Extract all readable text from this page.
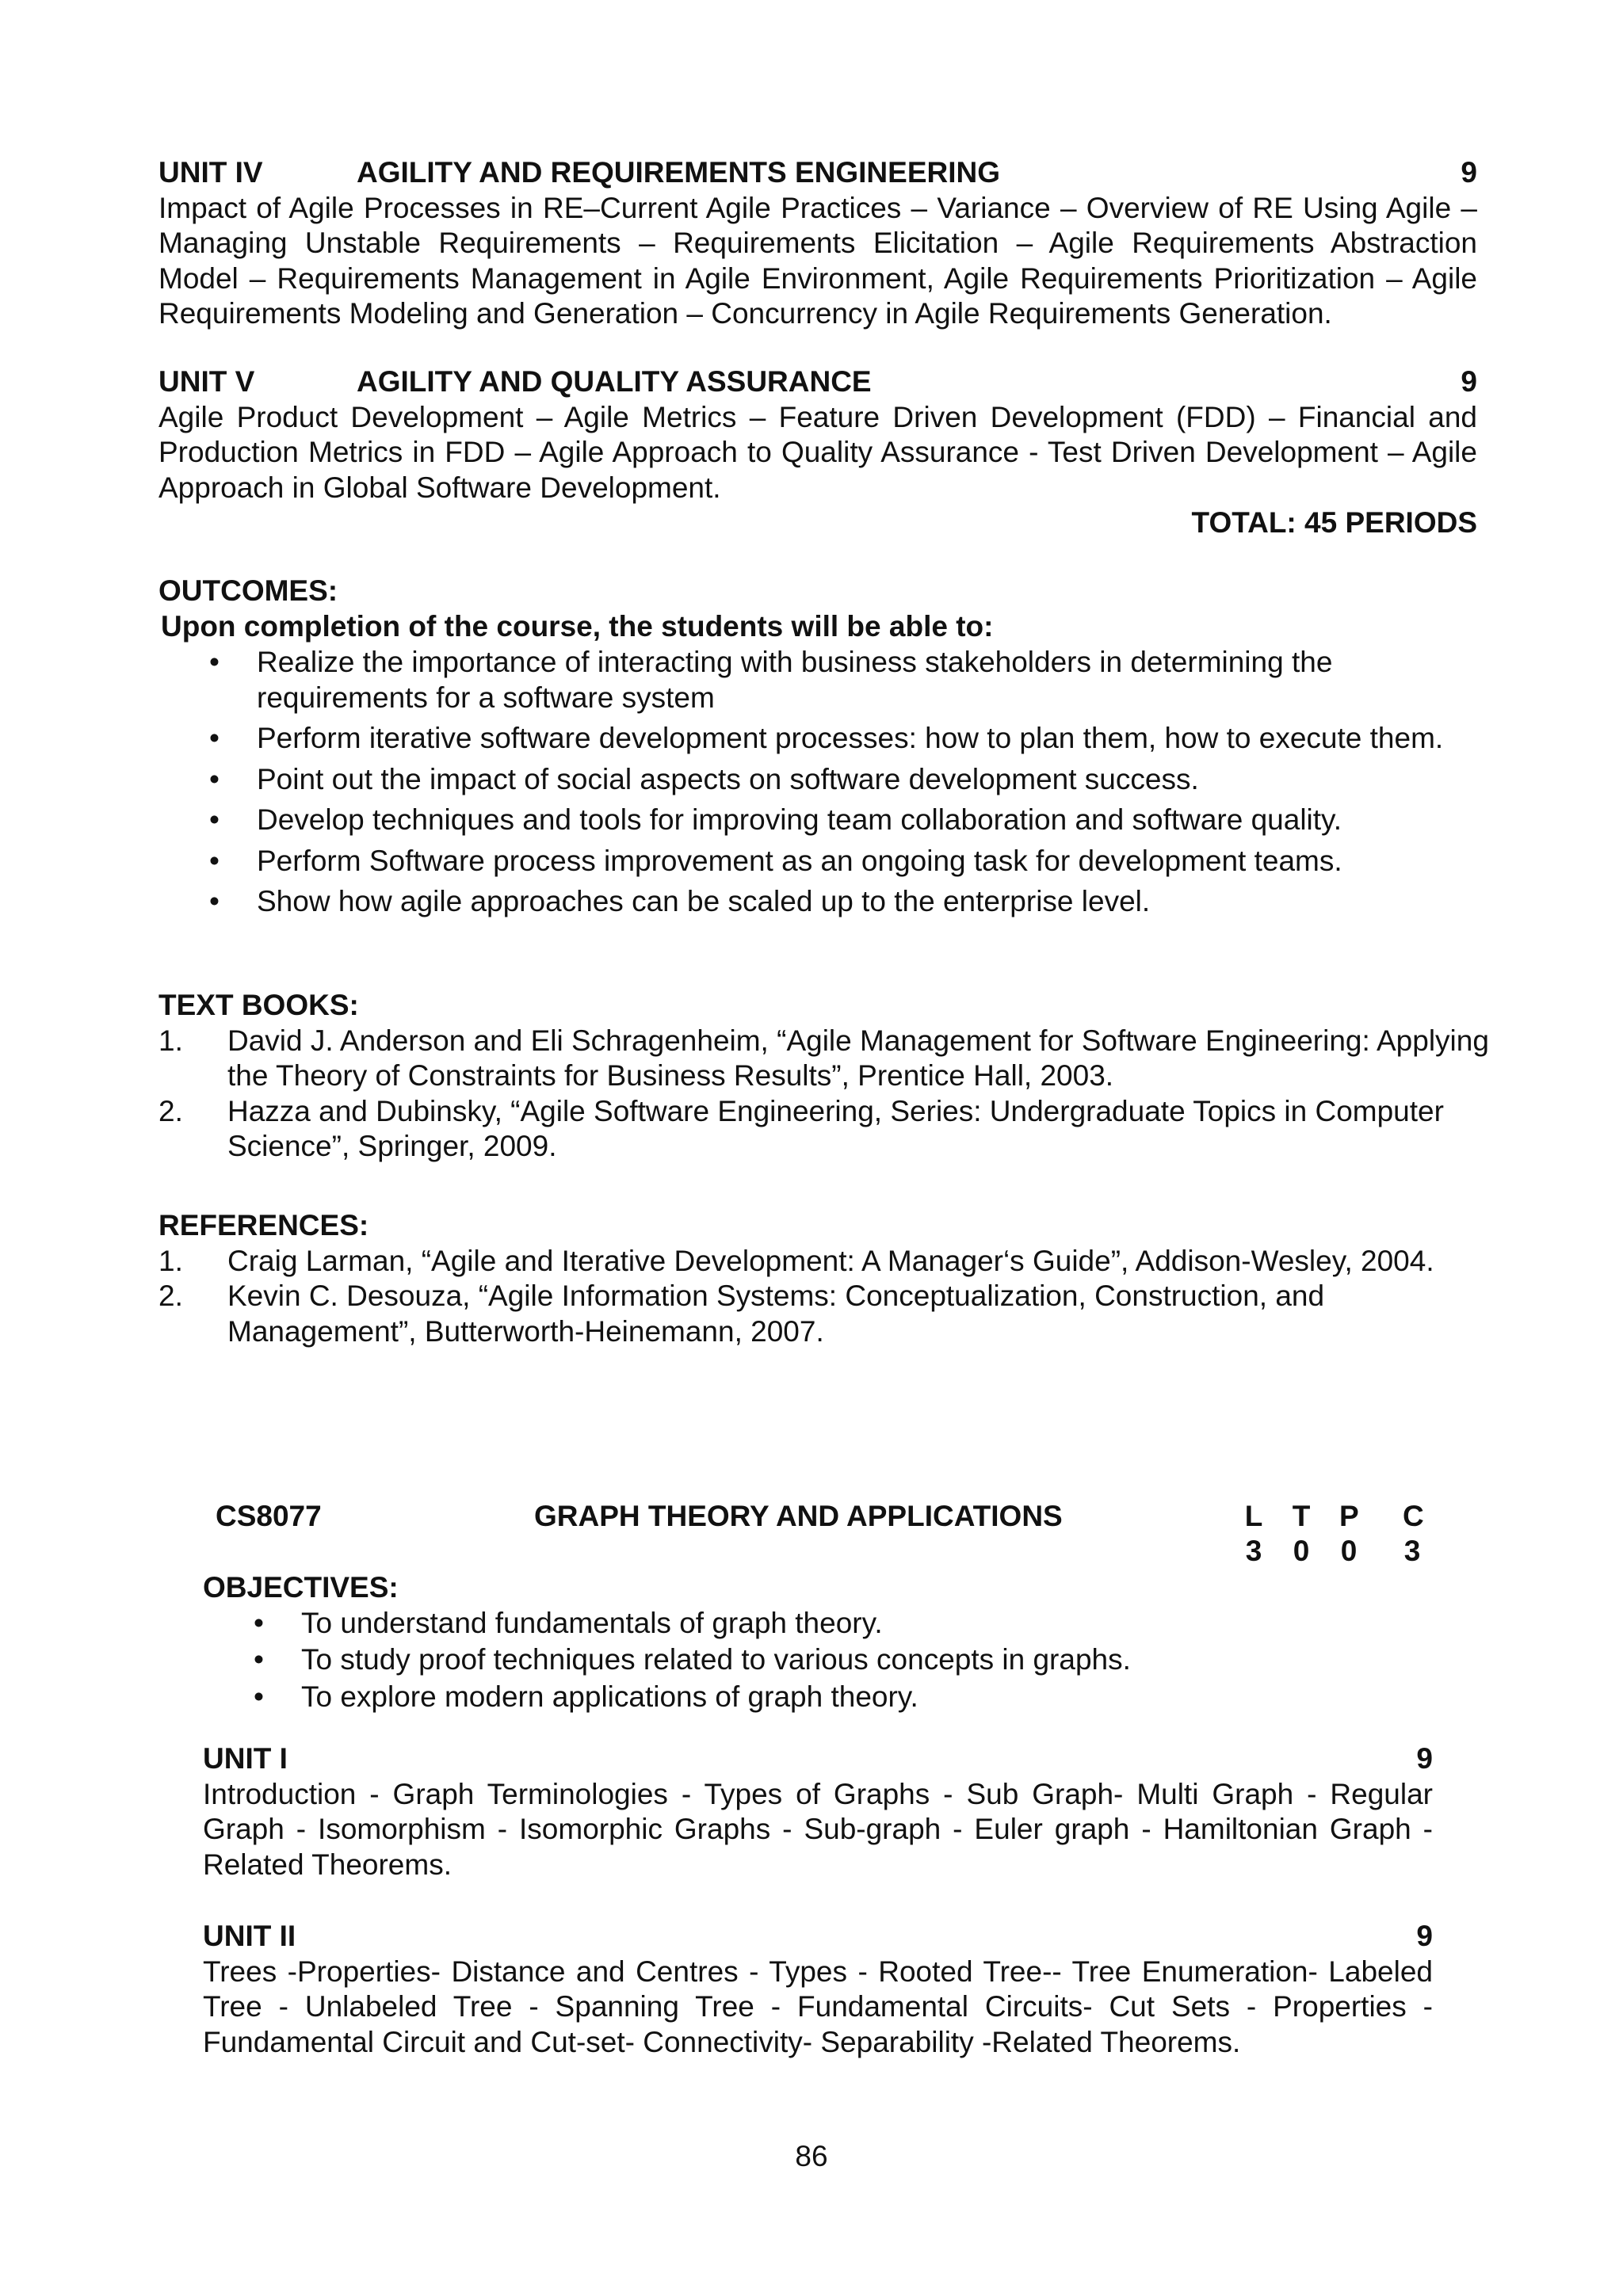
UNIT IV	AGILITY AND REQUIREMENTS ENGINEERING	9
Impact of Agile Processes in RE–Current Agile Practices – Variance – Overview of RE Using Agile – Managing Unstable Requirements – Requirements Elicitation – Agile Requirements Abstraction Model – Requirements Management in Agile Environment, Agile Requirements Prioritization – Agile Requirements Modeling and Generation – Concurrency in Agile Requirements Generation.
UNIT V	AGILITY AND QUALITY ASSURANCE	9
Agile Product Development – Agile Metrics – Feature Driven Development (FDD) – Financial and Production Metrics in FDD – Agile Approach to Quality Assurance - Test Driven Development – Agile Approach in Global Software Development.
TOTAL: 45 PERIODS
OUTCOMES:
Upon completion of the course, the students will be able to:
• Realize the importance of interacting with business stakeholders in determining the requirements for a software system
• Perform iterative software development processes: how to plan them, how to execute them.
• Point out the impact of social aspects on software development success.
• Develop techniques and tools for improving team collaboration and software quality.
• Perform Software process improvement as an ongoing task for development teams.
• Show how agile approaches can be scaled up to the enterprise level.
TEXT BOOKS:
1. David J. Anderson and Eli Schragenheim, “Agile Management for Software Engineering: Applying the Theory of Constraints for Business Results”, Prentice Hall, 2003.
2. Hazza and Dubinsky, “Agile Software Engineering, Series: Undergraduate Topics in Computer Science”, Springer, 2009.
REFERENCES:
1. Craig Larman, “Agile and Iterative Development: A Manager‘s Guide”, Addison-Wesley, 2004.
2. Kevin C. Desouza, “Agile Information Systems: Conceptualization, Construction, and Management”, Butterworth-Heinemann, 2007.
CS8077	GRAPH THEORY AND APPLICATIONS	L T P C
3 0 0 3
OBJECTIVES:
• To understand fundamentals of graph theory.
• To study proof techniques related to various concepts in graphs.
• To explore modern applications of graph theory.
UNIT I	9
Introduction - Graph Terminologies - Types of Graphs - Sub Graph- Multi Graph - Regular Graph - Isomorphism - Isomorphic Graphs - Sub-graph - Euler graph - Hamiltonian Graph - Related Theorems.
UNIT II	9
Trees -Properties- Distance and Centres - Types - Rooted Tree-- Tree Enumeration- Labeled Tree - Unlabeled Tree - Spanning Tree - Fundamental Circuits- Cut Sets - Properties - Fundamental Circuit and Cut-set- Connectivity- Separability -Related Theorems.
86
